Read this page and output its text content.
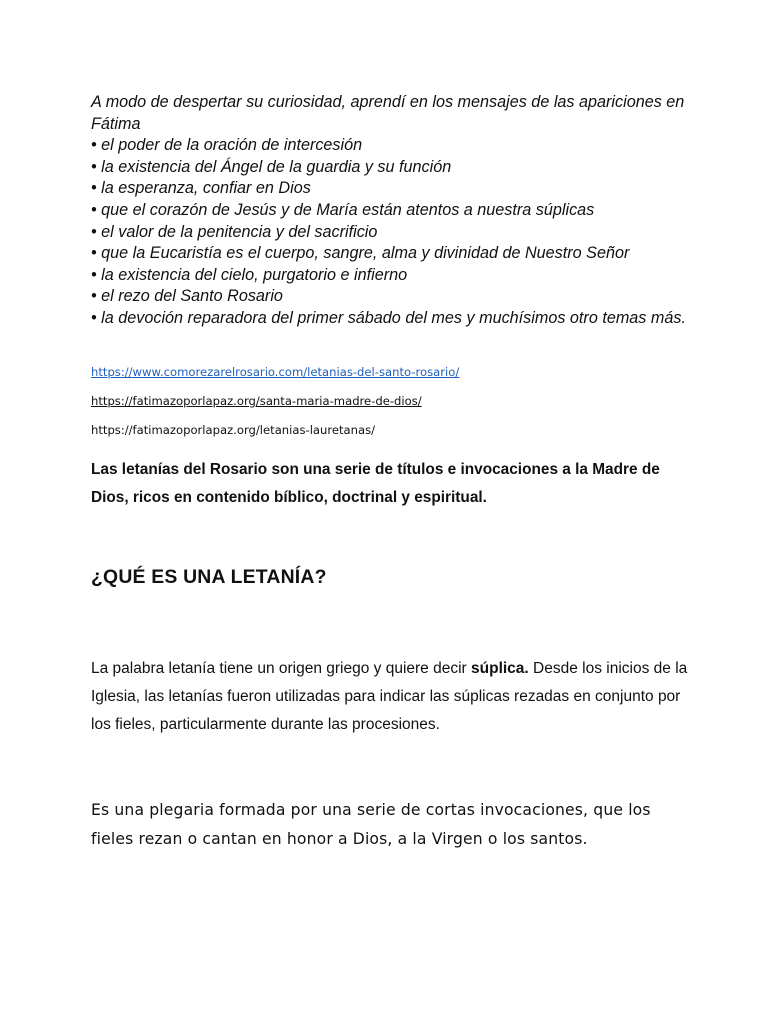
A modo de despertar su curiosidad, aprendí en los mensajes de las apariciones en Fátima

• el poder de la oración de intercesión
• la existencia del Ángel de la guardia y su función
• la esperanza, confiar en Dios
• que el corazón de Jesús y de María están atentos a nuestra súplicas
• el valor de la penitencia y del sacrificio
• que la Eucaristía es el cuerpo, sangre, alma y divinidad de Nuestro Señor
• la existencia del cielo, purgatorio e infierno
• el rezo del Santo Rosario
• la devoción reparadora del primer sábado del mes y muchísimos otro temas más.
https://www.comorezarelrosario.com/letanias-del-santo-rosario/
https://fatimazoporlapaz.org/santa-maria-madre-de-dios/
https://fatimazoporlapaz.org/letanias-lauretanas/

Las letanías del Rosario son una serie de títulos e invocaciones a la Madre de Dios, ricos en contenido bíblico, doctrinal y espiritual.

¿QUÉ ES UNA LETANÍA?

La palabra letanía tiene un origen griego y quiere decir súplica. Desde los inicios de la Iglesia, las letanías fueron utilizadas para indicar las súplicas rezadas en conjunto por los fieles, particularmente durante las procesiones.

Es una plegaria formada por una serie de cortas invocaciones, que los fieles rezan o cantan en honor a Dios, a la Virgen o los santos.
